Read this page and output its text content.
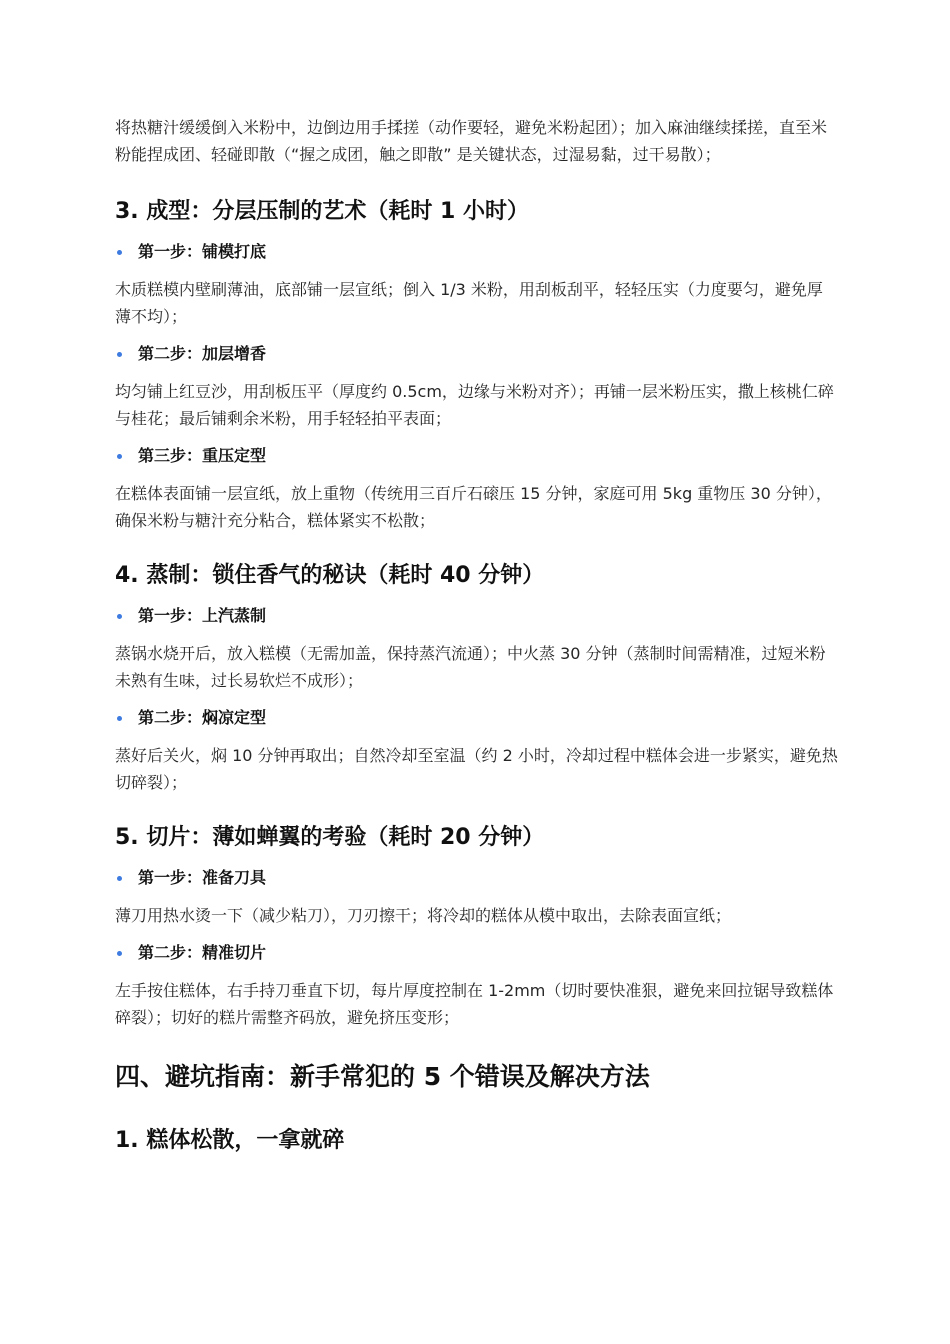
将热糖汁缓缓倒入米粉中，边倒边用手揉搓（动作要轻，避免米粉起团）；加入麻油继续揉搓，直至米粉能捏成团、轻碰即散（“握之成团，触之即散” 是关键状态，过湿易黏，过干易散）；

3. 成型：分层压制的艺术（耗时 1 小时）
第一步：铺模打底

木质糕模内壁刷薄油，底部铺一层宣纸；倒入 1/3 米粉，用刮板刮平，轻轻压实（力度要匀，避免厚薄不均）；

第二步：加层增香

均匀铺上红豆沙，用刮板压平（厚度约 0.5cm，边缘与米粉对齐）；再铺一层米粉压实，撒上核桃仁碎与桂花；最后铺剩余米粉，用手轻轻拍平表面；

第三步：重压定型

在糕体表面铺一层宣纸，放上重物（传统用三百斤石磙压 15 分钟，家庭可用 5kg 重物压 30 分钟），确保米粉与糖汁充分粘合，糕体紧实不松散；

4. 蒸制：锁住香气的秘诀（耗时 40 分钟）
第一步：上汽蒸制

蒸锅水烧开后，放入糕模（无需加盖，保持蒸汽流通）；中火蒸 30 分钟（蒸制时间需精准，过短米粉未熟有生味，过长易软烂不成形）；

第二步：焖凉定型

蒸好后关火，焖 10 分钟再取出；自然冷却至室温（约 2 小时，冷却过程中糕体会进一步紧实，避免热切碎裂）；

5. 切片：薄如蝉翼的考验（耗时 20 分钟）
第一步：准备刀具

薄刀用热水烫一下（减少粘刀），刀刃擦干；将冷却的糕体从模中取出，去除表面宣纸；

第二步：精准切片

左手按住糕体，右手持刀垂直下切，每片厚度控制在 1-2mm（切时要快准狠，避免来回拉锯导致糕体碎裂）；切好的糕片需整齐码放，避免挤压变形；

四、避坑指南：新手常犯的 5 个错误及解决方法
1. 糕体松散，一拿就碎
